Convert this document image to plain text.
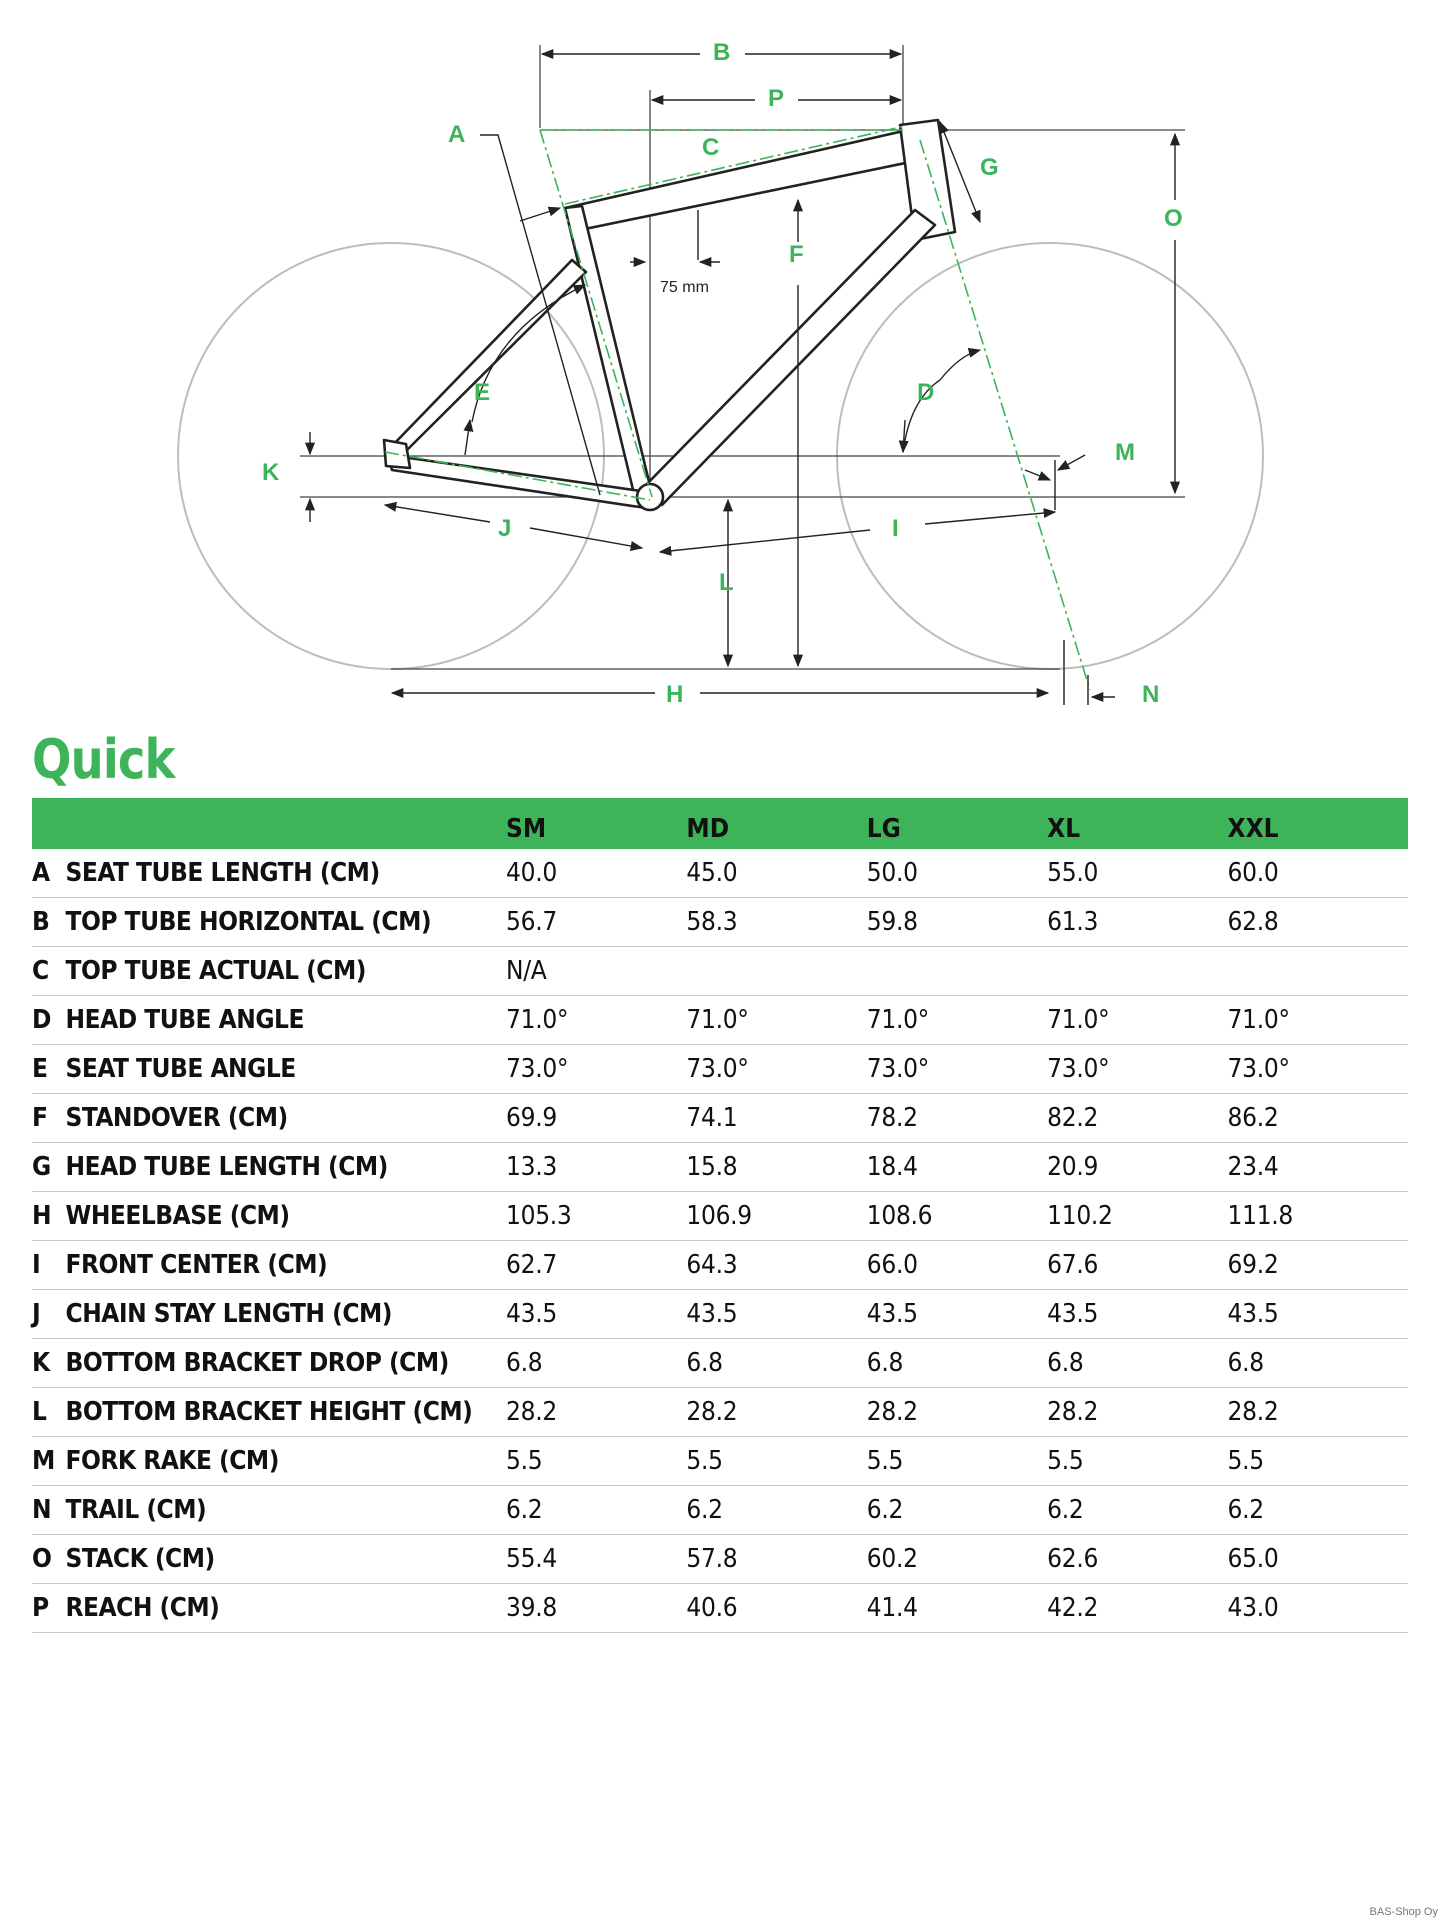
A
B
P
C
G
O
F
E	D
M
K
J	I
L
H	N
75 mm
Quick
		SM	MD	LG	XL	XXL
A	SEAT TUBE LENGTH (CM)	40.0	45.0	50.0	55.0	60.0
B	TOP TUBE HORIZONTAL (CM)	56.7	58.3	59.8	61.3	62.8
C	TOP TUBE ACTUAL (CM)	N/A				
D	HEAD TUBE ANGLE	71.0°	71.0°	71.0°	71.0°	71.0°
E	SEAT TUBE ANGLE	73.0°	73.0°	73.0°	73.0°	73.0°
F	STANDOVER (CM)	69.9	74.1	78.2	82.2	86.2
G	HEAD TUBE LENGTH (CM)	13.3	15.8	18.4	20.9	23.4
H	WHEELBASE (CM)	105.3	106.9	108.6	110.2	111.8
I	FRONT CENTER (CM)	62.7	64.3	66.0	67.6	69.2
J	CHAIN STAY LENGTH (CM)	43.5	43.5	43.5	43.5	43.5
K	BOTTOM BRACKET DROP (CM)	6.8	6.8	6.8	6.8	6.8
L	BOTTOM BRACKET HEIGHT (CM)	28.2	28.2	28.2	28.2	28.2
M	FORK RAKE (CM)	5.5	5.5	5.5	5.5	5.5
N	TRAIL (CM)	6.2	6.2	6.2	6.2	6.2
O	STACK (CM)	55.4	57.8	60.2	62.6	65.0
P	REACH (CM)	39.8	40.6	41.4	42.2	43.0
BAS-Shop Oy
